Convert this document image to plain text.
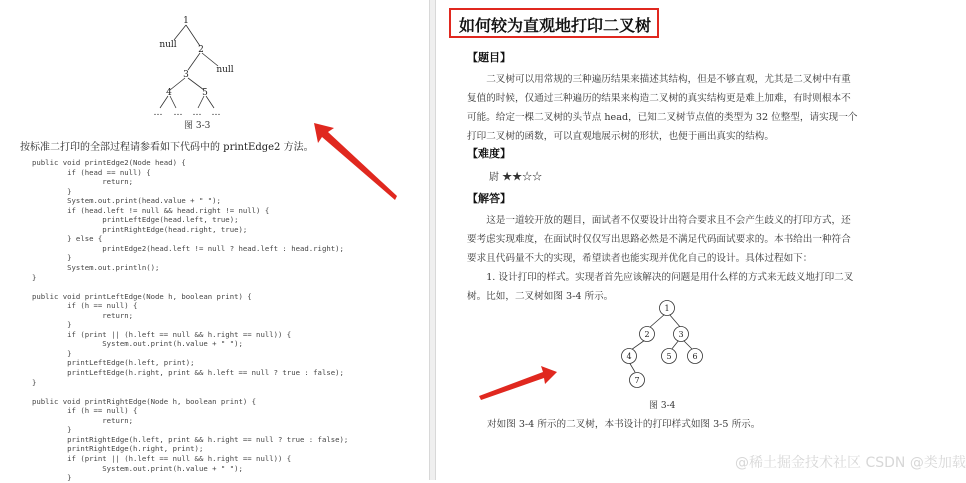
1
null 2
3	null
4	5
… … … …
图 3-3
按标准二打印的全部过程请参看如下代码中的 printEdge2 方法。
public void printEdge2(Node head) {
if (head == null) {
return;
}
System.out.print(head.value + " ");
if (head.left != null && head.right != null) {
printLeftEdge(head.left, true);
printRightEdge(head.right, true);
} else {
printEdge2(head.left != null ? head.left : head.right);
}
System.out.println();
}

public void printLeftEdge(Node h, boolean print) {
if (h == null) {
return;
}
if (print || (h.left == null && h.right == null)) {
System.out.print(h.value + " ");
}
printLeftEdge(h.left, print);
printLeftEdge(h.right, print && h.left == null ? true : false);
}

public void printRightEdge(Node h, boolean print) {
if (h == null) {
return;
}
printRightEdge(h.left, print && h.right == null ? true : false);
printRightEdge(h.right, print);
if (print || (h.left == null && h.right == null)) {
System.out.print(h.value + " ");
}
如何较为直观地打印二叉树
【题目】

二叉树可以用常规的三种遍历结果来描述其结构，但是不够直观，尤其是二叉树中有重复值的时候，仅通过三种遍历的结果来构造二叉树的真实结构更是难上加难，有时则根本不可能。给定一棵二叉树的头节点 head，已知二叉树节点值的类型为 32 位整型，请实现一个打印二叉树的函数，可以直观地展示树的形状，也便于画出真实的结构。

【难度】
尉 ★★☆☆
【解答】

这是一道较开放的题目，面试者不仅要设计出符合要求且不会产生歧义的打印方式，还要考虑实现难度，在面试时仅仅写出思路必然是不满足代码面试要求的。本书给出一种符合要求且代码量不大的实现，希望读者也能实现并优化自己的设计。具体过程如下：

1. 设计打印的样式。实现者首先应该解决的问题是用什么样的方式来无歧义地打印二叉树。比如，二叉树如图 3-4 所示。

1
2	3
4	5	6
7
图 3-4
对如图 3-4 所示的二叉树，本书设计的打印样式如图 3-5 所示。
@稀土掘金技术社区 CSDN @类加载
